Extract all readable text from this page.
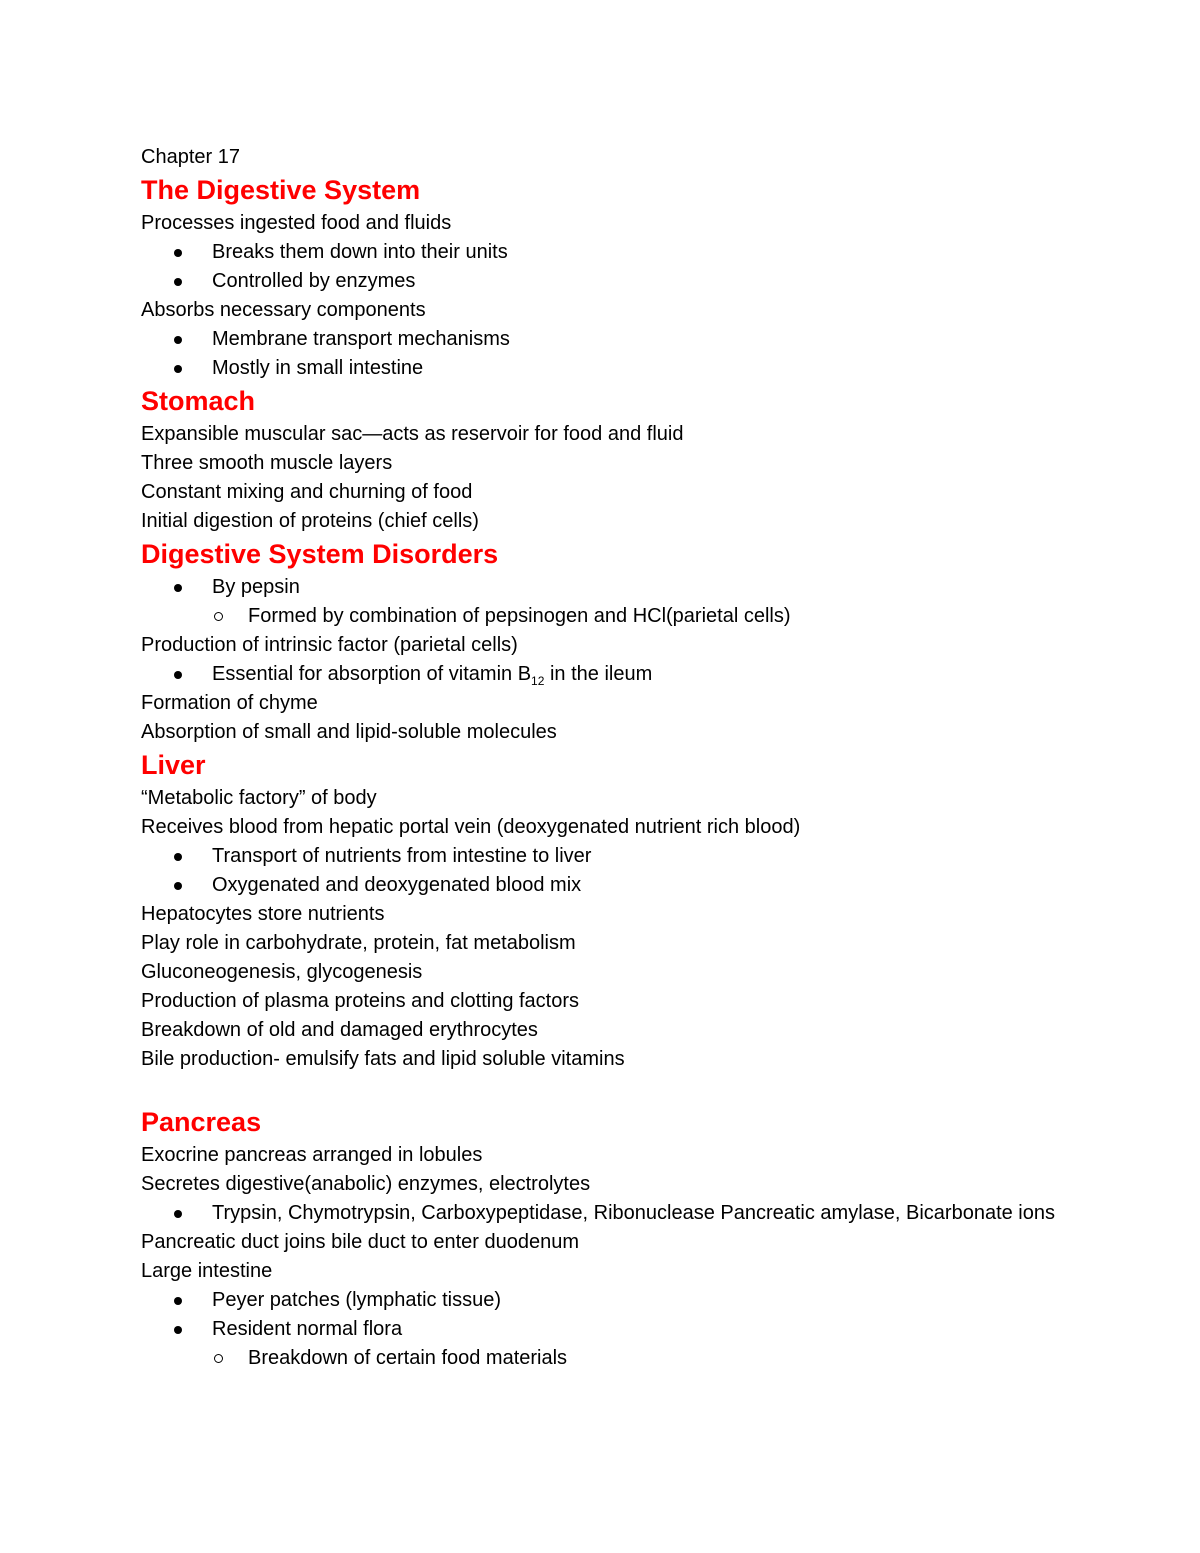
Chapter 17

The Digestive System

Processes ingested food and fluids

Breaks them down into their units

Controlled by enzymes

Absorbs necessary components

Membrane transport mechanisms

Mostly in small intestine

Stomach

Expansible muscular sac—acts as reservoir for food and fluid

Three smooth muscle layers

Constant mixing and churning of food

Initial digestion of proteins (chief cells)

Digestive System Disorders

By pepsin

Formed by combination of pepsinogen and HCl(parietal cells)

Production of intrinsic factor (parietal cells)

Essential for absorption of vitamin $B_{12}$ in the ileum

Formation of chyme

Absorption of small and lipid-soluble molecules

Liver

“Metabolic factory” of body

Receives blood from hepatic portal vein (deoxygenated nutrient rich blood)

Transport of nutrients from intestine to liver

Oxygenated and deoxygenated blood mix

Hepatocytes store nutrients

Play role in carbohydrate, protein, fat metabolism

Gluconeogenesis, glycogenesis

Production of plasma proteins and clotting factors

Breakdown of old and damaged erythrocytes

Bile production- emulsify fats and lipid soluble vitamins

Pancreas

Exocrine pancreas arranged in lobules

Secretes digestive(anabolic) enzymes, electrolytes

Trypsin, Chymotrypsin, Carboxypeptidase, Ribonuclease Pancreatic amylase, Bicarbonate ions

Pancreatic duct joins bile duct to enter duodenum

Large intestine

Peyer patches (lymphatic tissue)

Resident normal flora

Breakdown of certain food materials
